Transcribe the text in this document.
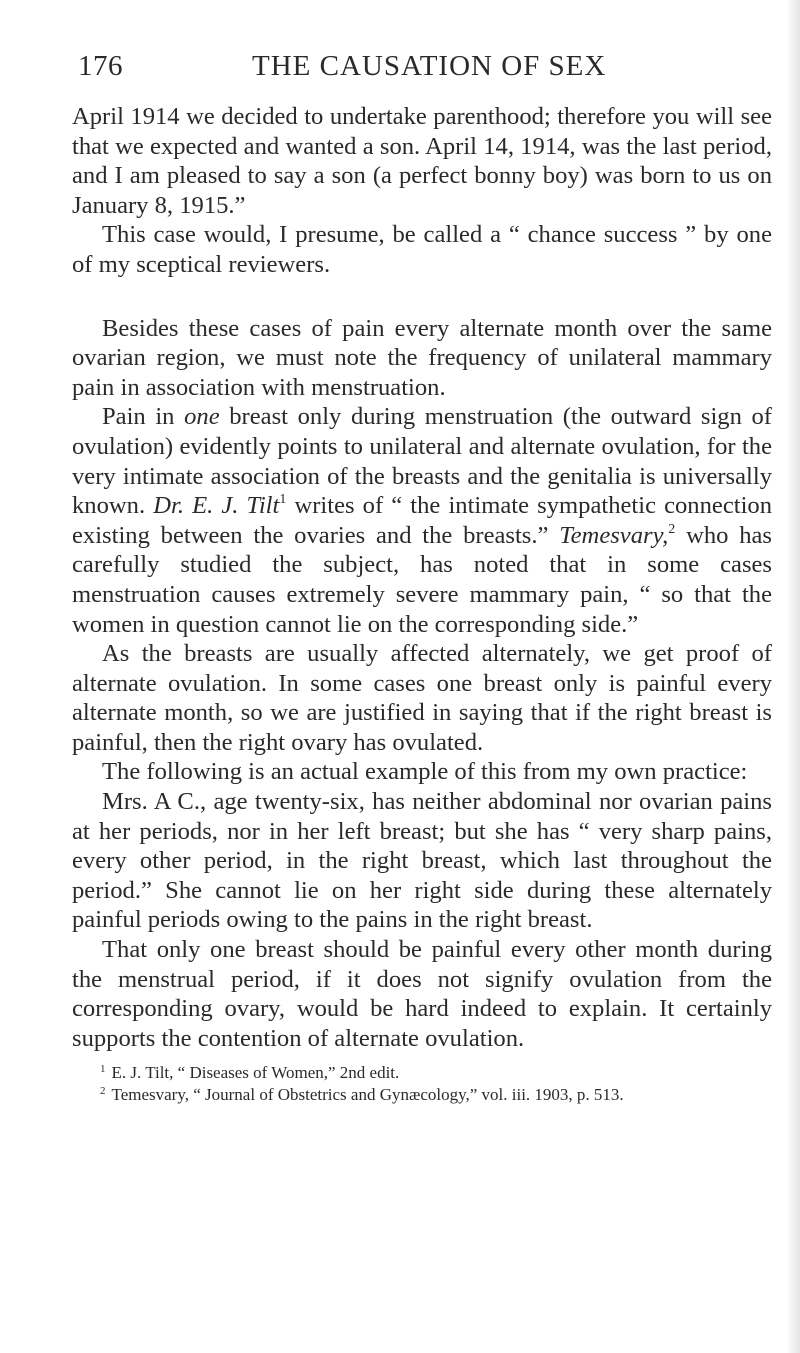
176	THE CAUSATION OF SEX

April 1914 we decided to undertake parenthood; therefore you will see that we expected and wanted a son. April 14, 1914, was the last period, and I am pleased to say a son (a perfect bonny boy) was born to us on January 8, 1915.”

This case would, I presume, be called a “ chance success ” by one of my sceptical reviewers.

Besides these cases of pain every alternate month over the same ovarian region, we must note the frequency of unilateral mammary pain in association with menstruation.

Pain in one breast only during menstruation (the outward sign of ovulation) evidently points to unilateral and alternate ovulation, for the very intimate association of the breasts and the genitalia is universally known. Dr. E. J. Tilt$^1$ writes of “ the intimate sympathetic connection existing between the ovaries and the breasts.” Temesvary,$^2$ who has carefully studied the subject, has noted that in some cases menstruation causes extremely severe mammary pain, “ so that the women in question cannot lie on the corresponding side.”

As the breasts are usually affected alternately, we get proof of alternate ovulation. In some cases one breast only is painful every alternate month, so we are justified in saying that if the right breast is painful, then the right ovary has ovulated.

The following is an actual example of this from my own practice:

Mrs. A C., age twenty-six, has neither abdominal nor ovarian pains at her periods, nor in her left breast; but she has “ very sharp pains, every other period, in the right breast, which last throughout the period.” She cannot lie on her right side during these alternately painful periods owing to the pains in the right breast.

That only one breast should be painful every other month during the menstrual period, if it does not signify ovulation from the corresponding ovary, would be hard indeed to explain. It certainly supports the contention of alternate ovulation.

$^1$ E. J. Tilt, “ Diseases of Women,” 2nd edit.

$^2$ Temesvary, “ Journal of Obstetrics and Gynæcology,” vol. iii. 1903, p. 513.
